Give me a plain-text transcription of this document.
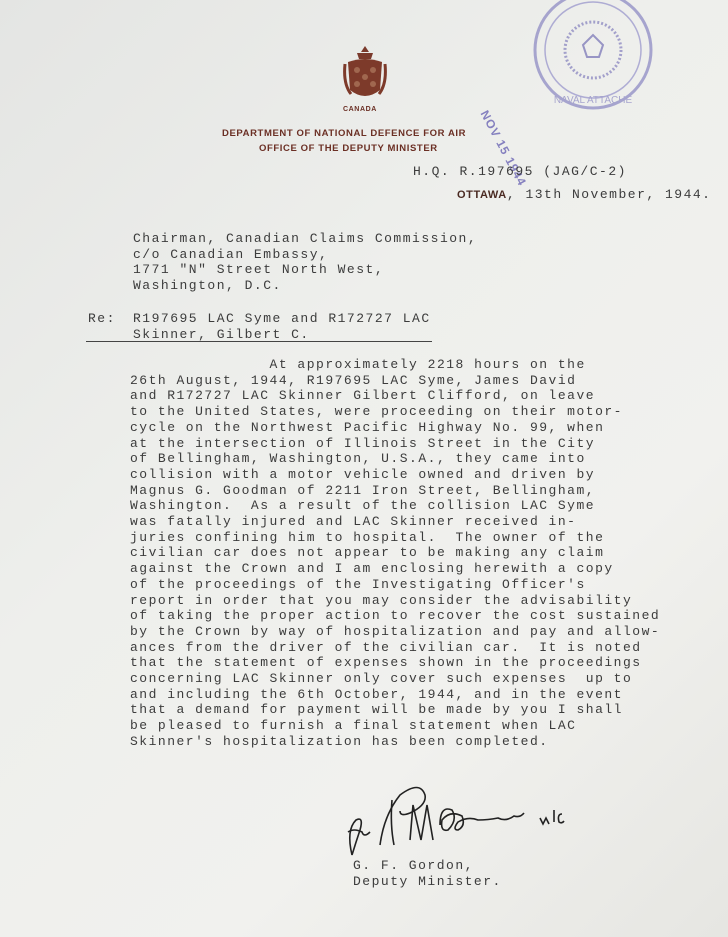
CANADA
DEPARTMENT OF NATIONAL DEFENCE FOR AIR
OFFICE OF THE DEPUTY MINISTER
NAVAL ATTACHE
NOV 15 1944
H.Q. R.197695 (JAG/C-2)
OTTAWA, 13th November, 1944.

Chairman, Canadian Claims Commission,

c/o Canadian Embassy,

1771 "N" Street North West,

Washington, D.C.

Re:

R197695 LAC Syme and R172727 LAC

Skinner, Gilbert C.

At approximately 2218 hours on the
26th August, 1944, R197695 LAC Syme, James David
and R172727 LAC Skinner Gilbert Clifford, on leave
to the United States, were proceeding on their motor-
cycle on the Northwest Pacific Highway No. 99, when
at the intersection of Illinois Street in the City
of Bellingham, Washington, U.S.A., they came into
collision with a motor vehicle owned and driven by
Magnus G. Goodman of 2211 Iron Street, Bellingham,
Washington.  As a result of the collision LAC Syme
was fatally injured and LAC Skinner received in-
juries confining him to hospital.  The owner of the
civilian car does not appear to be making any claim
against the Crown and I am enclosing herewith a copy
of the proceedings of the Investigating Officer's
report in order that you may consider the advisability
of taking the proper action to recover the cost sustained
by the Crown by way of hospitalization and pay and allow-
ances from the driver of the civilian car.  It is noted
that the statement of expenses shown in the proceedings
concerning LAC Skinner only cover such expenses  up to
and including the 6th October, 1944, and in the event
that a demand for payment will be made by you I shall
be pleased to furnish a final statement when LAC
Skinner's hospitalization has been completed.
G. F. Gordon,
Deputy Minister.
